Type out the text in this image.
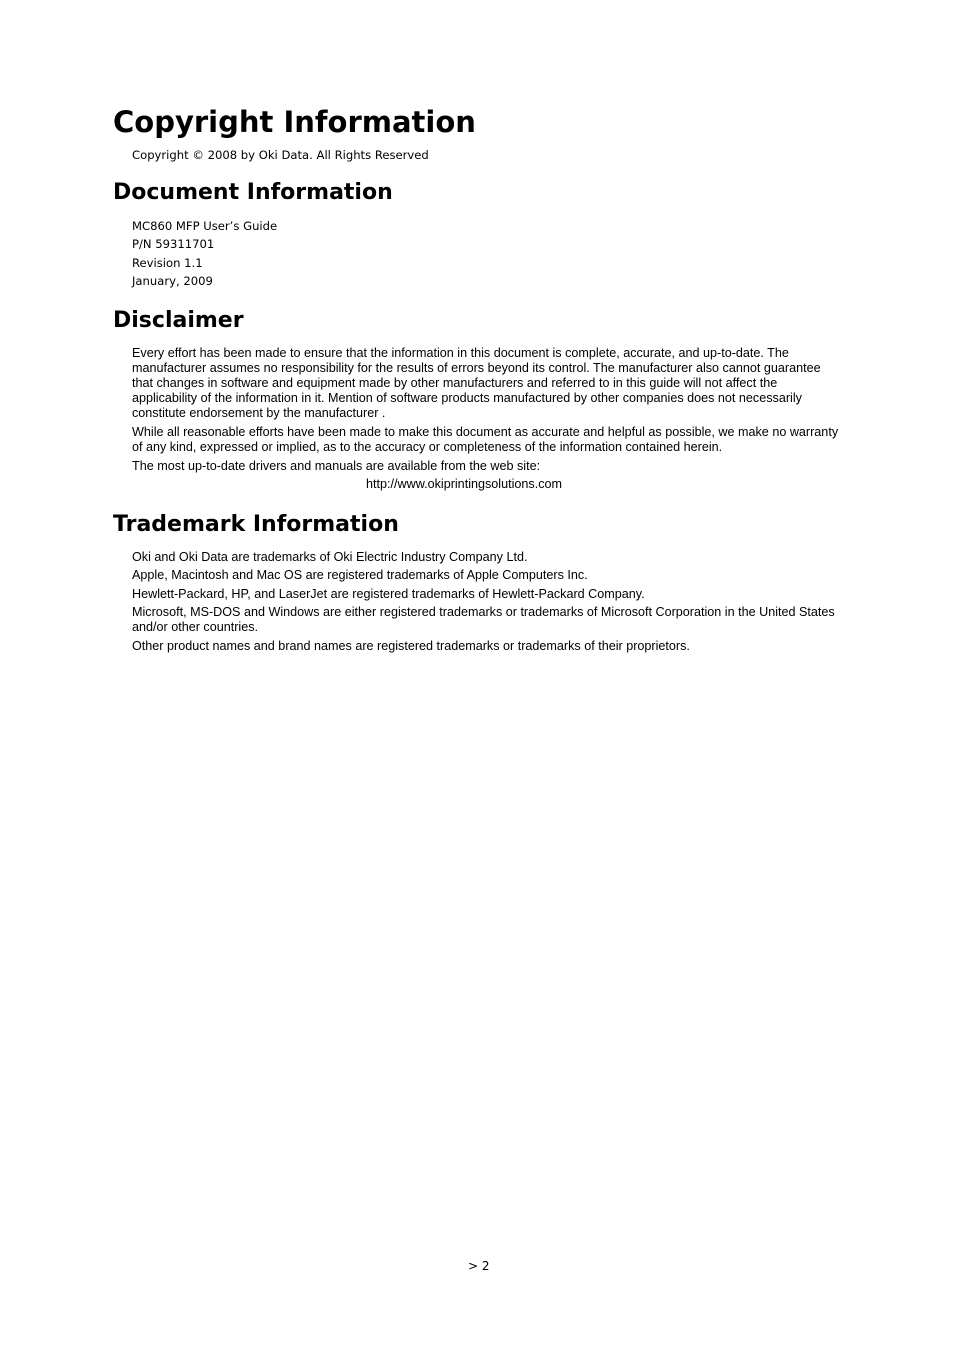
Copyright Information

Copyright © 2008 by Oki Data. All Rights Reserved

Document Information

MC860 MFP User’s Guide

P/N 59311701

Revision 1.1

January, 2009

Disclaimer

Every effort has been made to ensure that the information in this document is complete, accurate, and up-to-date. The manufacturer assumes no responsibility for the results of errors beyond its control. The manufacturer also cannot guarantee that changes in software and equipment made by other manufacturers and referred to in this guide will not affect the applicability of the information in it. Mention of software products manufactured by other companies does not necessarily constitute endorsement by the manufacturer .

While all reasonable efforts have been made to make this document as accurate and helpful as possible, we make no warranty of any kind, expressed or implied, as to the accuracy or completeness of the information contained herein.

The most up-to-date drivers and manuals are available from the web site:

http://www.okiprintingsolutions.com

Trademark Information

Oki and Oki Data are trademarks of Oki Electric Industry Company Ltd.

Apple, Macintosh and Mac OS are registered trademarks of Apple Computers Inc.

Hewlett-Packard, HP, and LaserJet are registered trademarks of Hewlett-Packard Company.

Microsoft, MS-DOS and Windows are either registered trademarks or trademarks of Microsoft Corporation in the United States and/or other countries.

Other product names and brand names are registered trademarks or trademarks of their proprietors.

> 2
